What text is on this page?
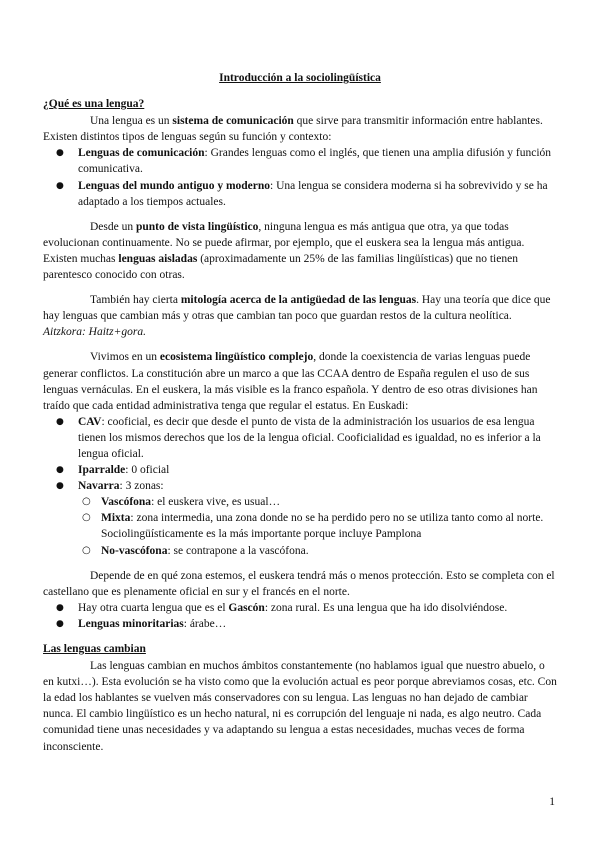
Introducción a la sociolingüística
¿Qué es una lengua?

Una lengua es un sistema de comunicación que sirve para transmitir información entre hablantes. Existen distintos tipos de lenguas según su función y contexto:

● Lenguas de comunicación: Grandes lenguas como el inglés, que tienen una amplia difusión y función comunicativa.
● Lenguas del mundo antiguo y moderno: Una lengua se considera moderna si ha sobrevivido y se ha adaptado a los tiempos actuales.

Desde un punto de vista lingüístico, ninguna lengua es más antigua que otra, ya que todas evolucionan continuamente. No se puede afirmar, por ejemplo, que el euskera sea la lengua más antigua. Existen muchas lenguas aisladas (aproximadamente un 25% de las familias lingüísticas) que no tienen parentesco conocido con otras.

También hay cierta mitología acerca de la antigüedad de las lenguas. Hay una teoría que dice que hay lenguas que cambian más y otras que cambian tan poco que guardan restos de la cultura neolítica. Aitzkora: Haitz+gora.

Vivimos en un ecosistema lingüístico complejo, donde la coexistencia de varias lenguas puede generar conflictos. La constitución abre un marco a que las CCAA dentro de España regulen el uso de sus lenguas vernáculas. En el euskera, la más visible es la franco española. Y dentro de eso otras divisiones han traído que cada entidad administrativa tenga que regular el estatus. En Euskadi:

● CAV: cooficial, es decir que desde el punto de vista de la administración los usuarios de esa lengua tienen los mismos derechos que los de la lengua oficial. Cooficialidad es igualdad, no es inferior a la lengua oficial.
● Iparralde: 0 oficial
● Navarra: 3 zonas:
○ Vascófona: el euskera vive, es usual…
○ Mixta: zona intermedia, una zona donde no se ha perdido pero no se utiliza tanto como al norte. Sociolingüísticamente es la más importante porque incluye Pamplona
○ No-vascófona: se contrapone a la vascófona.

Depende de en qué zona estemos, el euskera tendrá más o menos protección. Esto se completa con el castellano que es plenamente oficial en sur y el francés en el norte.

● Hay otra cuarta lengua que es el Gascón: zona rural. Es una lengua que ha ido disolviéndose.
● Lenguas minoritarias: árabe…
Las lenguas cambian

Las lenguas cambian en muchos ámbitos constantemente (no hablamos igual que nuestro abuelo, o en kutxi…). Esta evolución se ha visto como que la evolución actual es peor porque abreviamos cosas, etc. Con la edad los hablantes se vuelven más conservadores con su lengua. Las lenguas no han dejado de cambiar nunca. El cambio lingüístico es un hecho natural, ni es corrupción del lenguaje ni nada, es algo neutro. Cada comunidad tiene unas necesidades y va adaptando su lengua a estas necesidades, muchas veces de forma inconsciente.

1
